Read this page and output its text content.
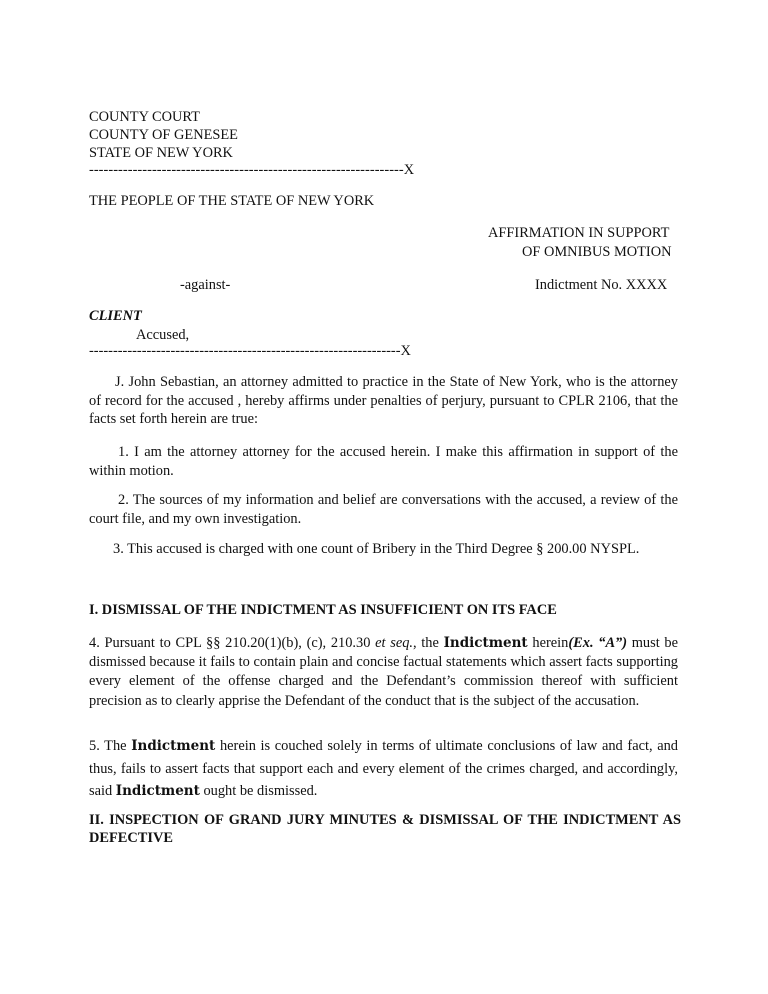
COUNTY COURT
COUNTY OF GENESEE
STATE OF NEW YORK
-----------------------------------------------------------------X
THE PEOPLE OF THE STATE OF NEW YORK
AFFIRMATION IN SUPPORT
OF OMNIBUS MOTION
-against-	Indictment No. XXXX
CLIENT
Accused,
-----------------------------------------------------------------X
J. John Sebastian, an attorney admitted to practice in the State of New York, who is the attorney of record for the accused , hereby affirms under penalties of perjury, pursuant to CPLR 2106, that the facts set forth herein are true:
1. I am the attorney attorney for the accused herein. I make this affirmation in support of the within motion.
2. The sources of my information and belief are conversations with the accused, a review of the court file, and my own investigation.
3. This accused is charged with one count of Bribery in the Third Degree § 200.00 NYSPL.
I. DISMISSAL OF THE INDICTMENT AS INSUFFICIENT ON ITS FACE
4. Pursuant to CPL §§ 210.20(1)(b), (c), 210.30 et seq., the Indictment herein(Ex. “A”) must be dismissed because it fails to contain plain and concise factual statements which assert facts supporting every element of the offense charged and the Defendant’s commission thereof with sufficient precision as to clearly apprise the Defendant of the conduct that is the subject of the accusation.
5. The Indictment herein is couched solely in terms of ultimate conclusions of law and fact, and thus, fails to assert facts that support each and every element of the crimes charged, and accordingly, said Indictment ought be dismissed.
II. INSPECTION OF GRAND JURY MINUTES & DISMISSAL OF THE INDICTMENT AS DEFECTIVE
